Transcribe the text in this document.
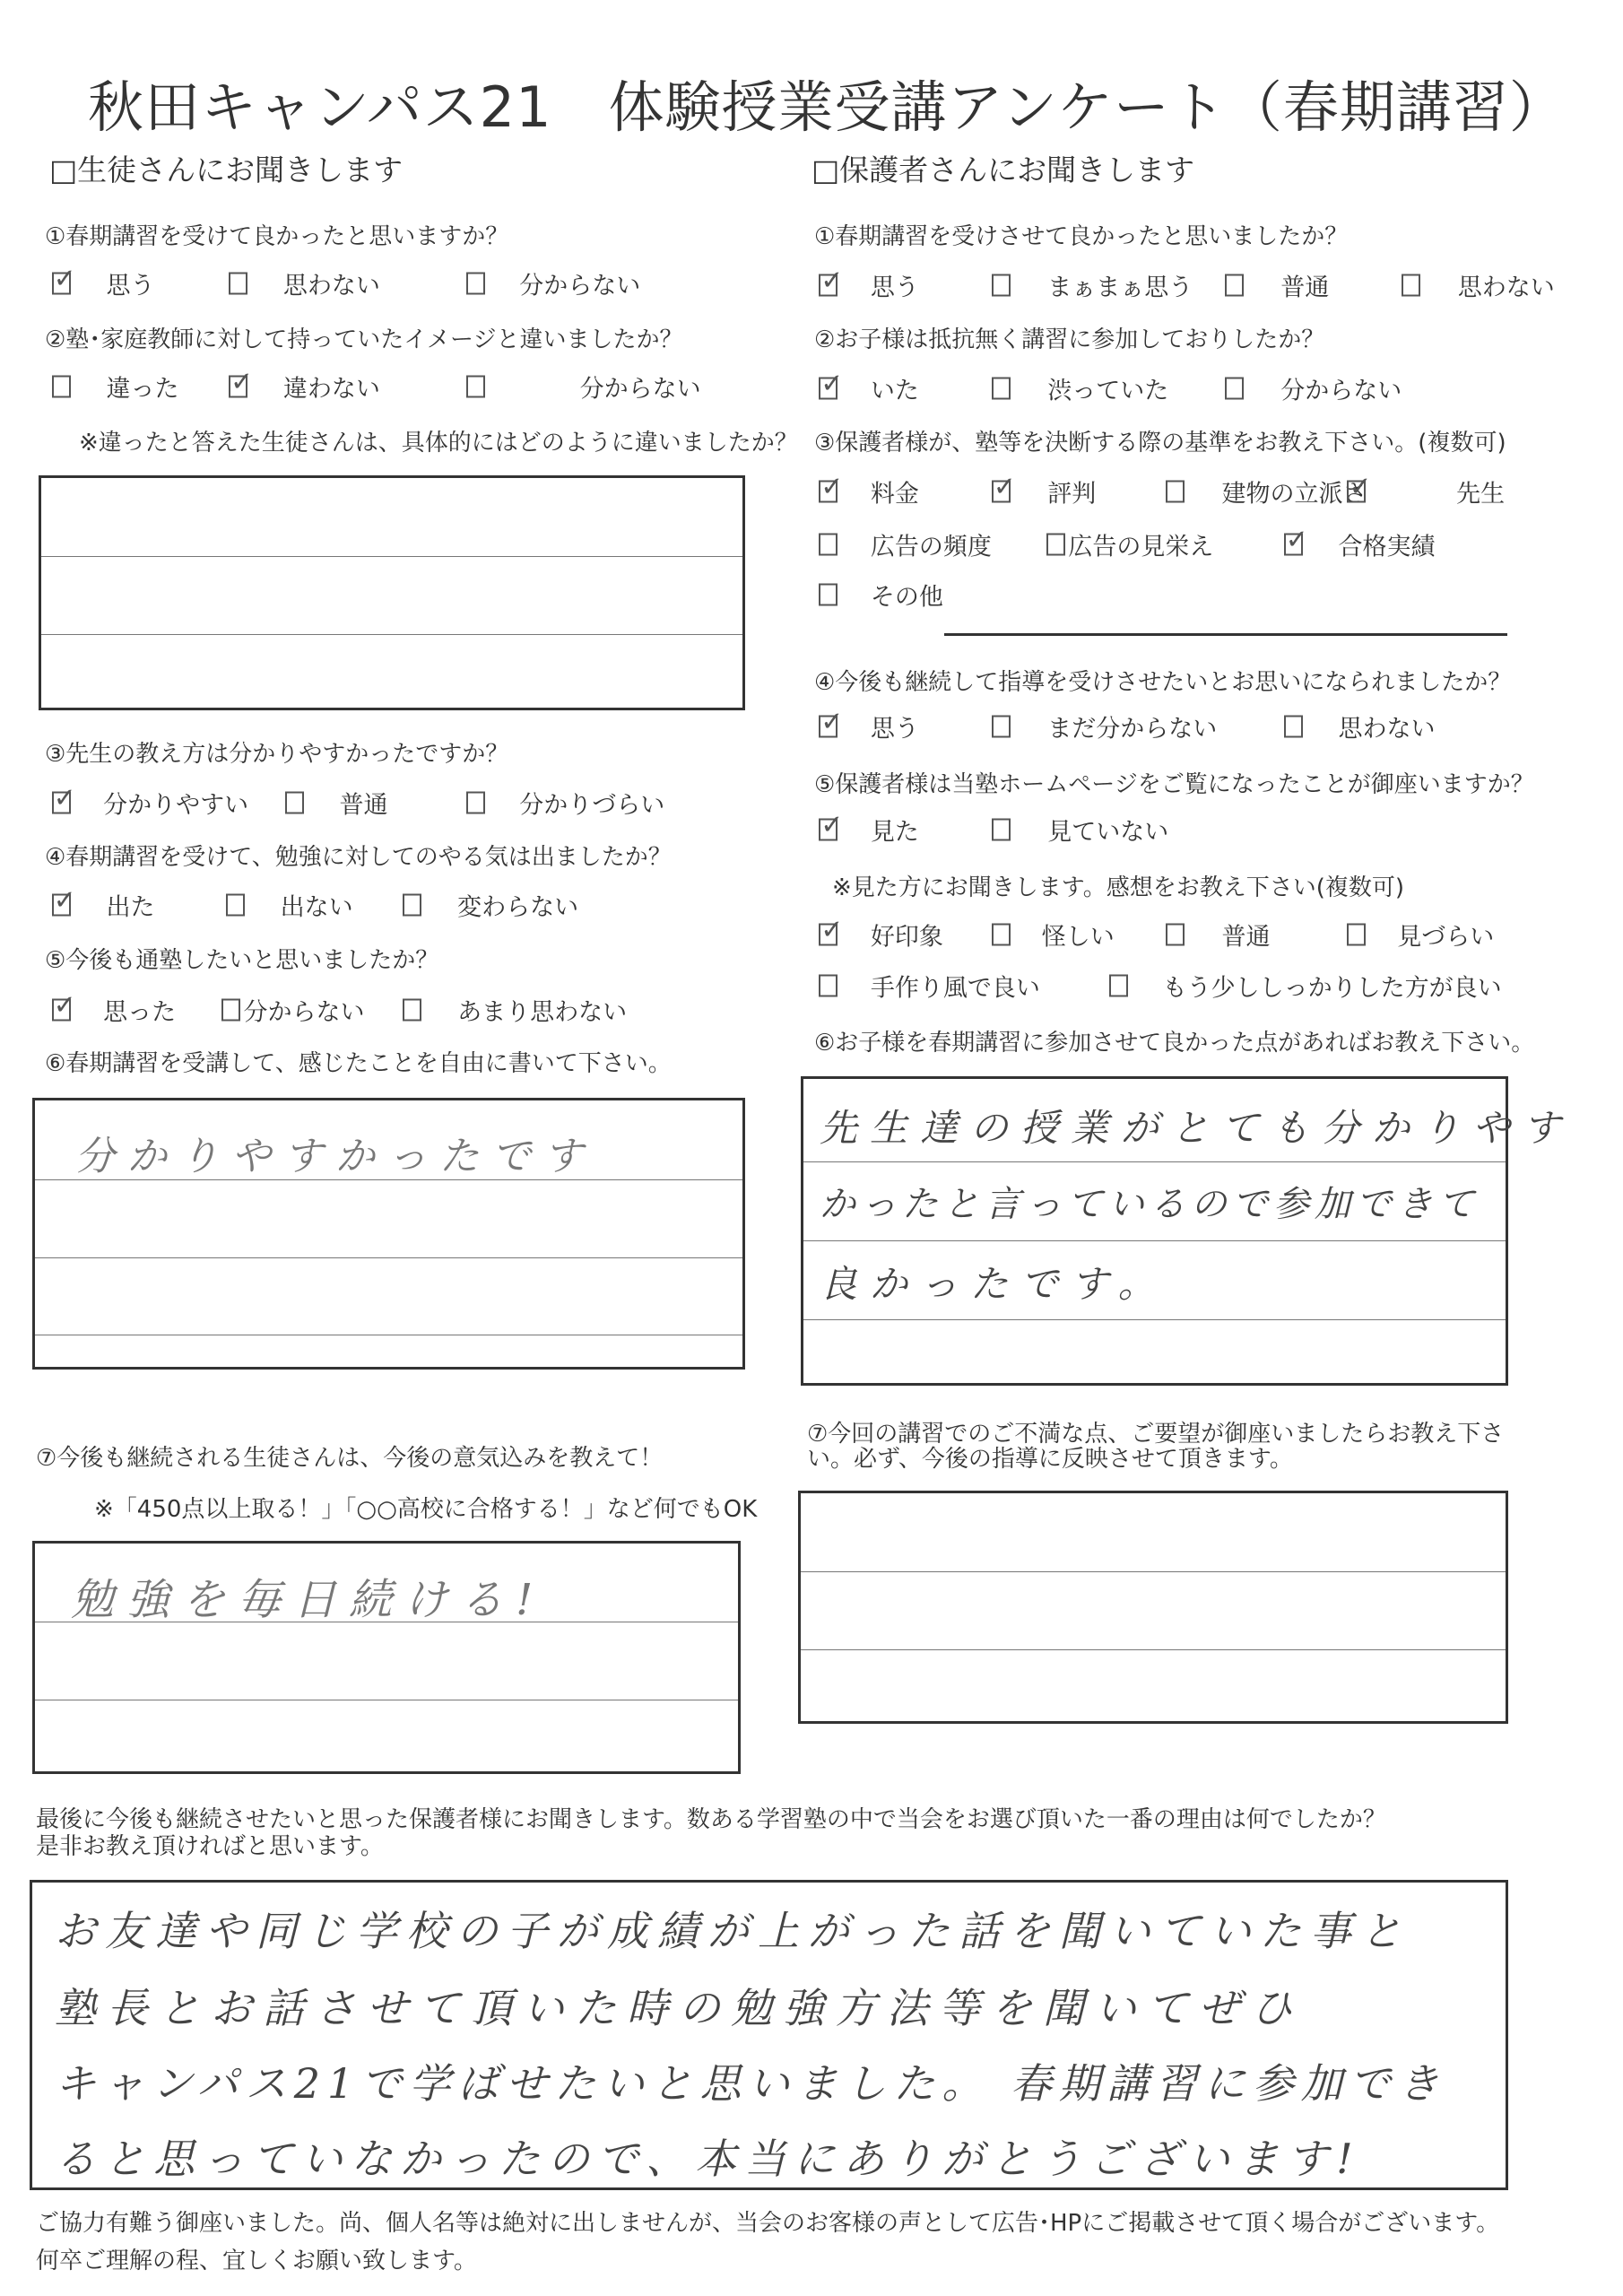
秋田キャンパス21　体験授業受講アンケート（春期講習）
□生徒さんにお聞きします	□保護者さんにお聞きします
①春期講習を受けて良かったと思いますか？
②塾･家庭教師に対して持っていたイメージと違いましたか？
※違ったと答えた生徒さんは、具体的にはどのように違いましたか？
③先生の教え方は分かりやすかったですか？
④春期講習を受けて、勉強に対してのやる気は出ましたか？
⑤今後も通塾したいと思いましたか？
⑥春期講習を受講して、感じたことを自由に書いて下さい。
分かりやすかったです
⑦今後も継続される生徒さんは、今後の意気込みを教えて！
※「450点以上取る！」「○○高校に合格する！」など何でもOK
勉強を毎日続ける!
①春期講習を受けさせて良かったと思いましたか？
②お子様は抵抗無く講習に参加しておりしたか？
③保護者様が、塾等を決断する際の基準をお教え下さい。(複数可)
④今後も継続して指導を受けさせたいとお思いになられましたか？
⑤保護者様は当塾ホームページをご覧になったことが御座いますか？
※見た方にお聞きします。感想をお教え下さい(複数可)
⑥お子様を春期講習に参加させて良かった点があればお教え下さい。
先生達の授業がとても分かりやす
かったと言っているので参加できて
良かったです。
⑦今回の講習でのご不満な点、ご要望が御座いましたらお教え下さ
い。必ず、今後の指導に反映させて頂きます。
最後に今後も継続させたいと思った保護者様にお聞きします。数ある学習塾の中で当会をお選び頂いた一番の理由は何でしたか？
是非お教え頂ければと思います。
お友達や同じ学校の子が成績が上がった話を聞いていた事と
塾長とお話させて頂いた時の勉強方法等を聞いてぜひ
キャンパス21で学ばせたいと思いました。 春期講習に参加でき
ると思っていなかったので、本当にありがとうございます!
ご協力有難う御座いました。尚、個人名等は絶対に出しませんが、当会のお客様の声として広告･HPにご掲載させて頂く場合がございます。
何卒ご理解の程、宜しくお願い致します。
✓
思う	思わない	分からない
違った ✓	違わない	分からない
✓
分かりやすい	普通	分かりづらい
✓
出た	出ない	変わらない
✓
思った	分からない	あまり思わない
✓
思う	まぁまぁ思う	普通	思わない
✓
いた	渋っていた	分からない
✓
料金 ✓	評判	建物の立派さ ✓	先生
広告の頻度	広告の見栄え ✓	合格実績
その他
✓
思う	まだ分からない	思わない
✓
見た	見ていない
✓
好印象	怪しい	普通	見づらい
手作り風で良い	もう少ししっかりした方が良い
